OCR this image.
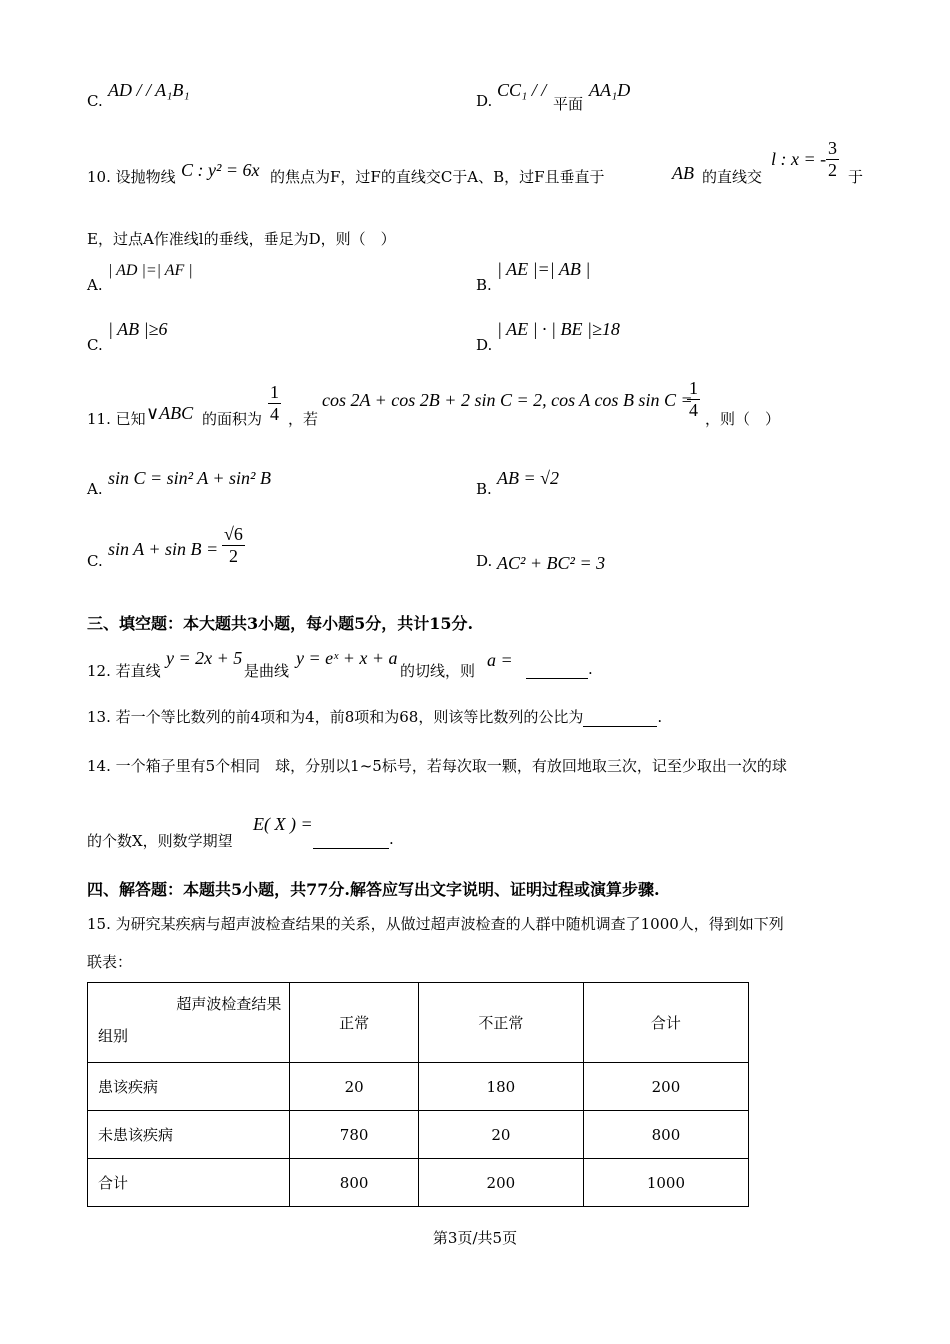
C.
AD / / A₁B₁
D.
CC₁ / /
平面
AA₁D
10. 设抛物线 C : y² = 6x 的焦点为F，过F的直线交C于A、B，过F且垂直于	AB 的直线交
l : x = - $\frac{3}{2}$ 于
E，过点A作准线l的垂线，垂足为D，则（　）
A.
| AD |=| AF |
B.
| AE |=| AB |
C.
| AB |≥6
D.
| AE | · | BE |≥18
11. 已知 ∨ABC 的面积为 $\frac{1}{4}$ ，若
cos 2A + cos 2B + 2 sin C = 2, cos A cos B sin C =
$\frac{1}{4}$ ，则（　）
A.
sin C = sin² A + sin² B
B.
AB = √2
C.
$\sin A + \sin B = \frac{√6}{2}$	D. AC² + BC² = 3
三、填空题：本大题共3小题，每小题5分，共计15分.
12. 若直线
y = 2x + 5
是曲线
y = eˣ + x + a
的切线，则
a =	.
13. 若一个等比数列的前4项和为4，前8项和为68，则该等比数列的公比为	.
14. 一个箱子里有5个相同　球，分别以1~5标号，若每次取一颗，有放回地取三次，记至少取出一次的球
的个数X，则数学期望
E( X ) =
.
四、解答题：本题共5小题，共77分.解答应写出文字说明、证明过程或演算步骤.
15. 为研究某疾病与超声波检查结果的关系，从做过超声波检查的人群中随机调查了1000人，得到如下列
联表：
超声波检查结果
组别	正常	不正常	合计
患该疾病	20	180	200
未患该疾病	780	20	800
合计	800	200	1000
第3页/共5页
